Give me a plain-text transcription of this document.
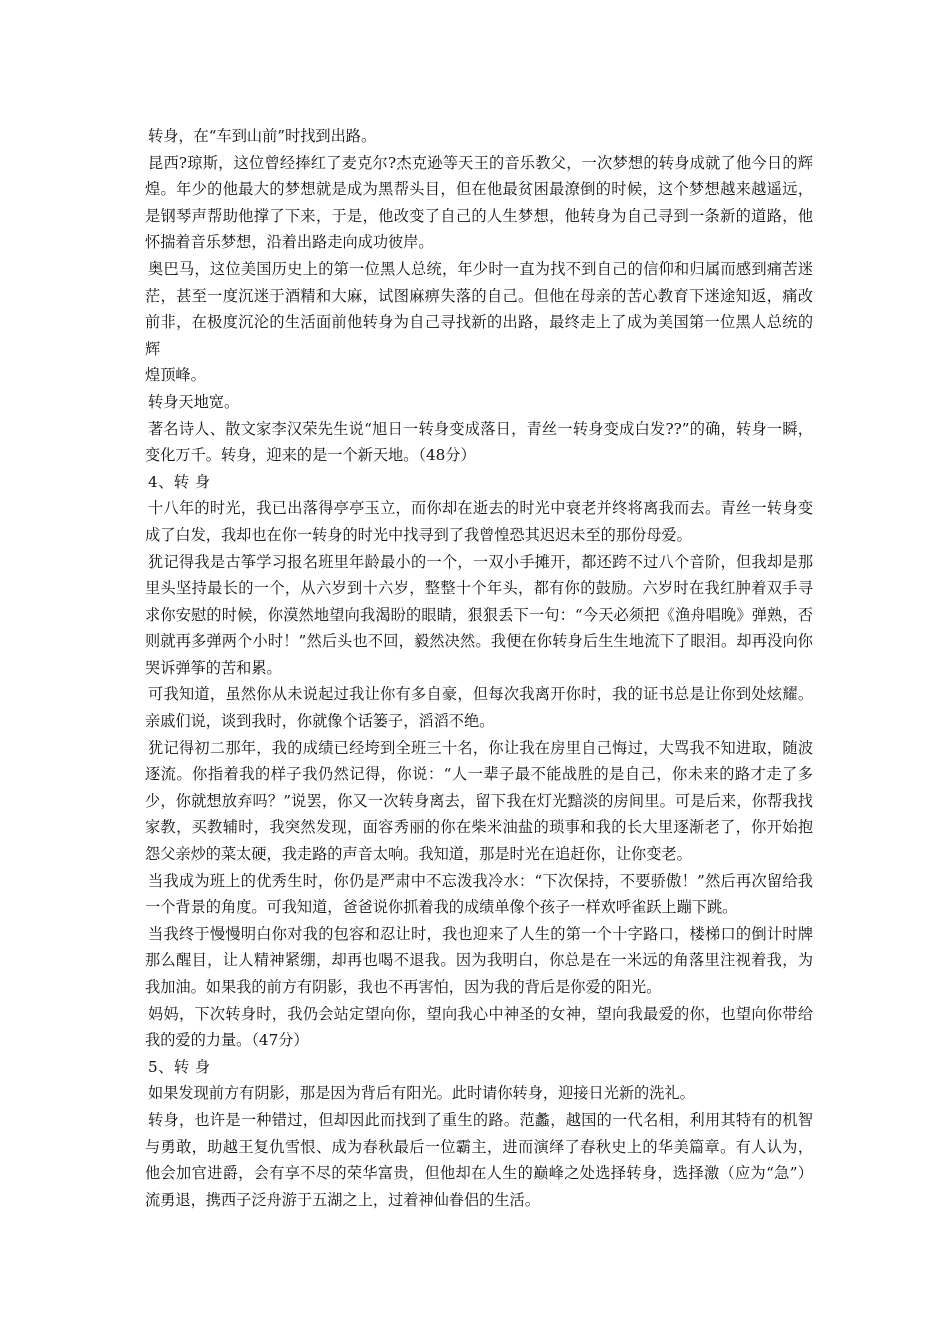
转身，在“车到山前”时找到出路。

昆西?琼斯，这位曾经捧红了麦克尔?杰克逊等天王的音乐教父，一次梦想的转身成就了他今日的辉煌。年少的他最大的梦想就是成为黑帮头目，但在他最贫困最潦倒的时候，这个梦想越来越遥远，是钢琴声帮助他撑了下来，于是，他改变了自己的人生梦想，他转身为自己寻到一条新的道路，他怀揣着音乐梦想，沿着出路走向成功彼岸。

奥巴马，这位美国历史上的第一位黑人总统，年少时一直为找不到自己的信仰和归属而感到痛苦迷茫，甚至一度沉迷于酒精和大麻，试图麻痹失落的自己。但他在母亲的苦心教育下迷途知返，痛改前非，在极度沉沦的生活面前他转身为自己寻找新的出路，最终走上了成为美国第一位黑人总统的辉

煌顶峰。

转身天地宽。

著名诗人、散文家李汉荣先生说“旭日一转身变成落日，青丝一转身变成白发??”的确，转身一瞬，变化万千。转身，迎来的是一个新天地。（48分）

4、转 身

十八年的时光，我已出落得亭亭玉立，而你却在逝去的时光中衰老并终将离我而去。青丝一转身变成了白发，我却也在你一转身的时光中找寻到了我曾惶恐其迟迟未至的那份母爱。

犹记得我是古筝学习报名班里年龄最小的一个，一双小手摊开，都还跨不过八个音阶，但我却是那里头坚持最长的一个，从六岁到十六岁，整整十个年头，都有你的鼓励。六岁时在我红肿着双手寻求你安慰的时候，你漠然地望向我渴盼的眼睛，狠狠丢下一句：“今天必须把《渔舟唱晚》弹熟，否则就再多弹两个小时！”然后头也不回，毅然决然。我便在你转身后生生地流下了眼泪。却再没向你哭诉弹筝的苦和累。

可我知道，虽然你从未说起过我让你有多自豪，但每次我离开你时，我的证书总是让你到处炫耀。亲戚们说，谈到我时，你就像个话篓子，滔滔不绝。

犹记得初二那年，我的成绩已经垮到全班三十名，你让我在房里自己悔过，大骂我不知进取，随波逐流。你指着我的样子我仍然记得，你说：“人一辈子最不能战胜的是自己，你未来的路才走了多少，你就想放弃吗？”说罢，你又一次转身离去，留下我在灯光黯淡的房间里。可是后来，你帮我找家教，买教辅时，我突然发现，面容秀丽的你在柴米油盐的琐事和我的长大里逐渐老了，你开始抱怨父亲炒的菜太硬，我走路的声音太响。我知道，那是时光在追赶你，让你变老。

当我成为班上的优秀生时，你仍是严肃中不忘泼我冷水：“下次保持，不要骄傲！”然后再次留给我一个背景的角度。可我知道，爸爸说你抓着我的成绩单像个孩子一样欢呼雀跃上蹦下跳。

当我终于慢慢明白你对我的包容和忍让时，我也迎来了人生的第一个十字路口，楼梯口的倒计时牌那么醒目，让人精神紧绷，却再也喝不退我。因为我明白，你总是在一米远的角落里注视着我，为我加油。如果我的前方有阴影，我也不再害怕，因为我的背后是你爱的阳光。

妈妈，下次转身时，我仍会站定望向你，望向我心中神圣的女神，望向我最爱的你，也望向你带给我的爱的力量。（47分）

5、转 身

如果发现前方有阴影，那是因为背后有阳光。此时请你转身，迎接日光新的洗礼。

转身，也许是一种错过，但却因此而找到了重生的路。范蠡，越国的一代名相，利用其特有的机智与勇敢，助越王复仇雪恨、成为春秋最后一位霸主，进而演绎了春秋史上的华美篇章。有人认为，他会加官进爵，会有享不尽的荣华富贵，但他却在人生的巅峰之处选择转身，选择激（应为“急”）流勇退，携西子泛舟游于五湖之上，过着神仙眷侣的生活。
